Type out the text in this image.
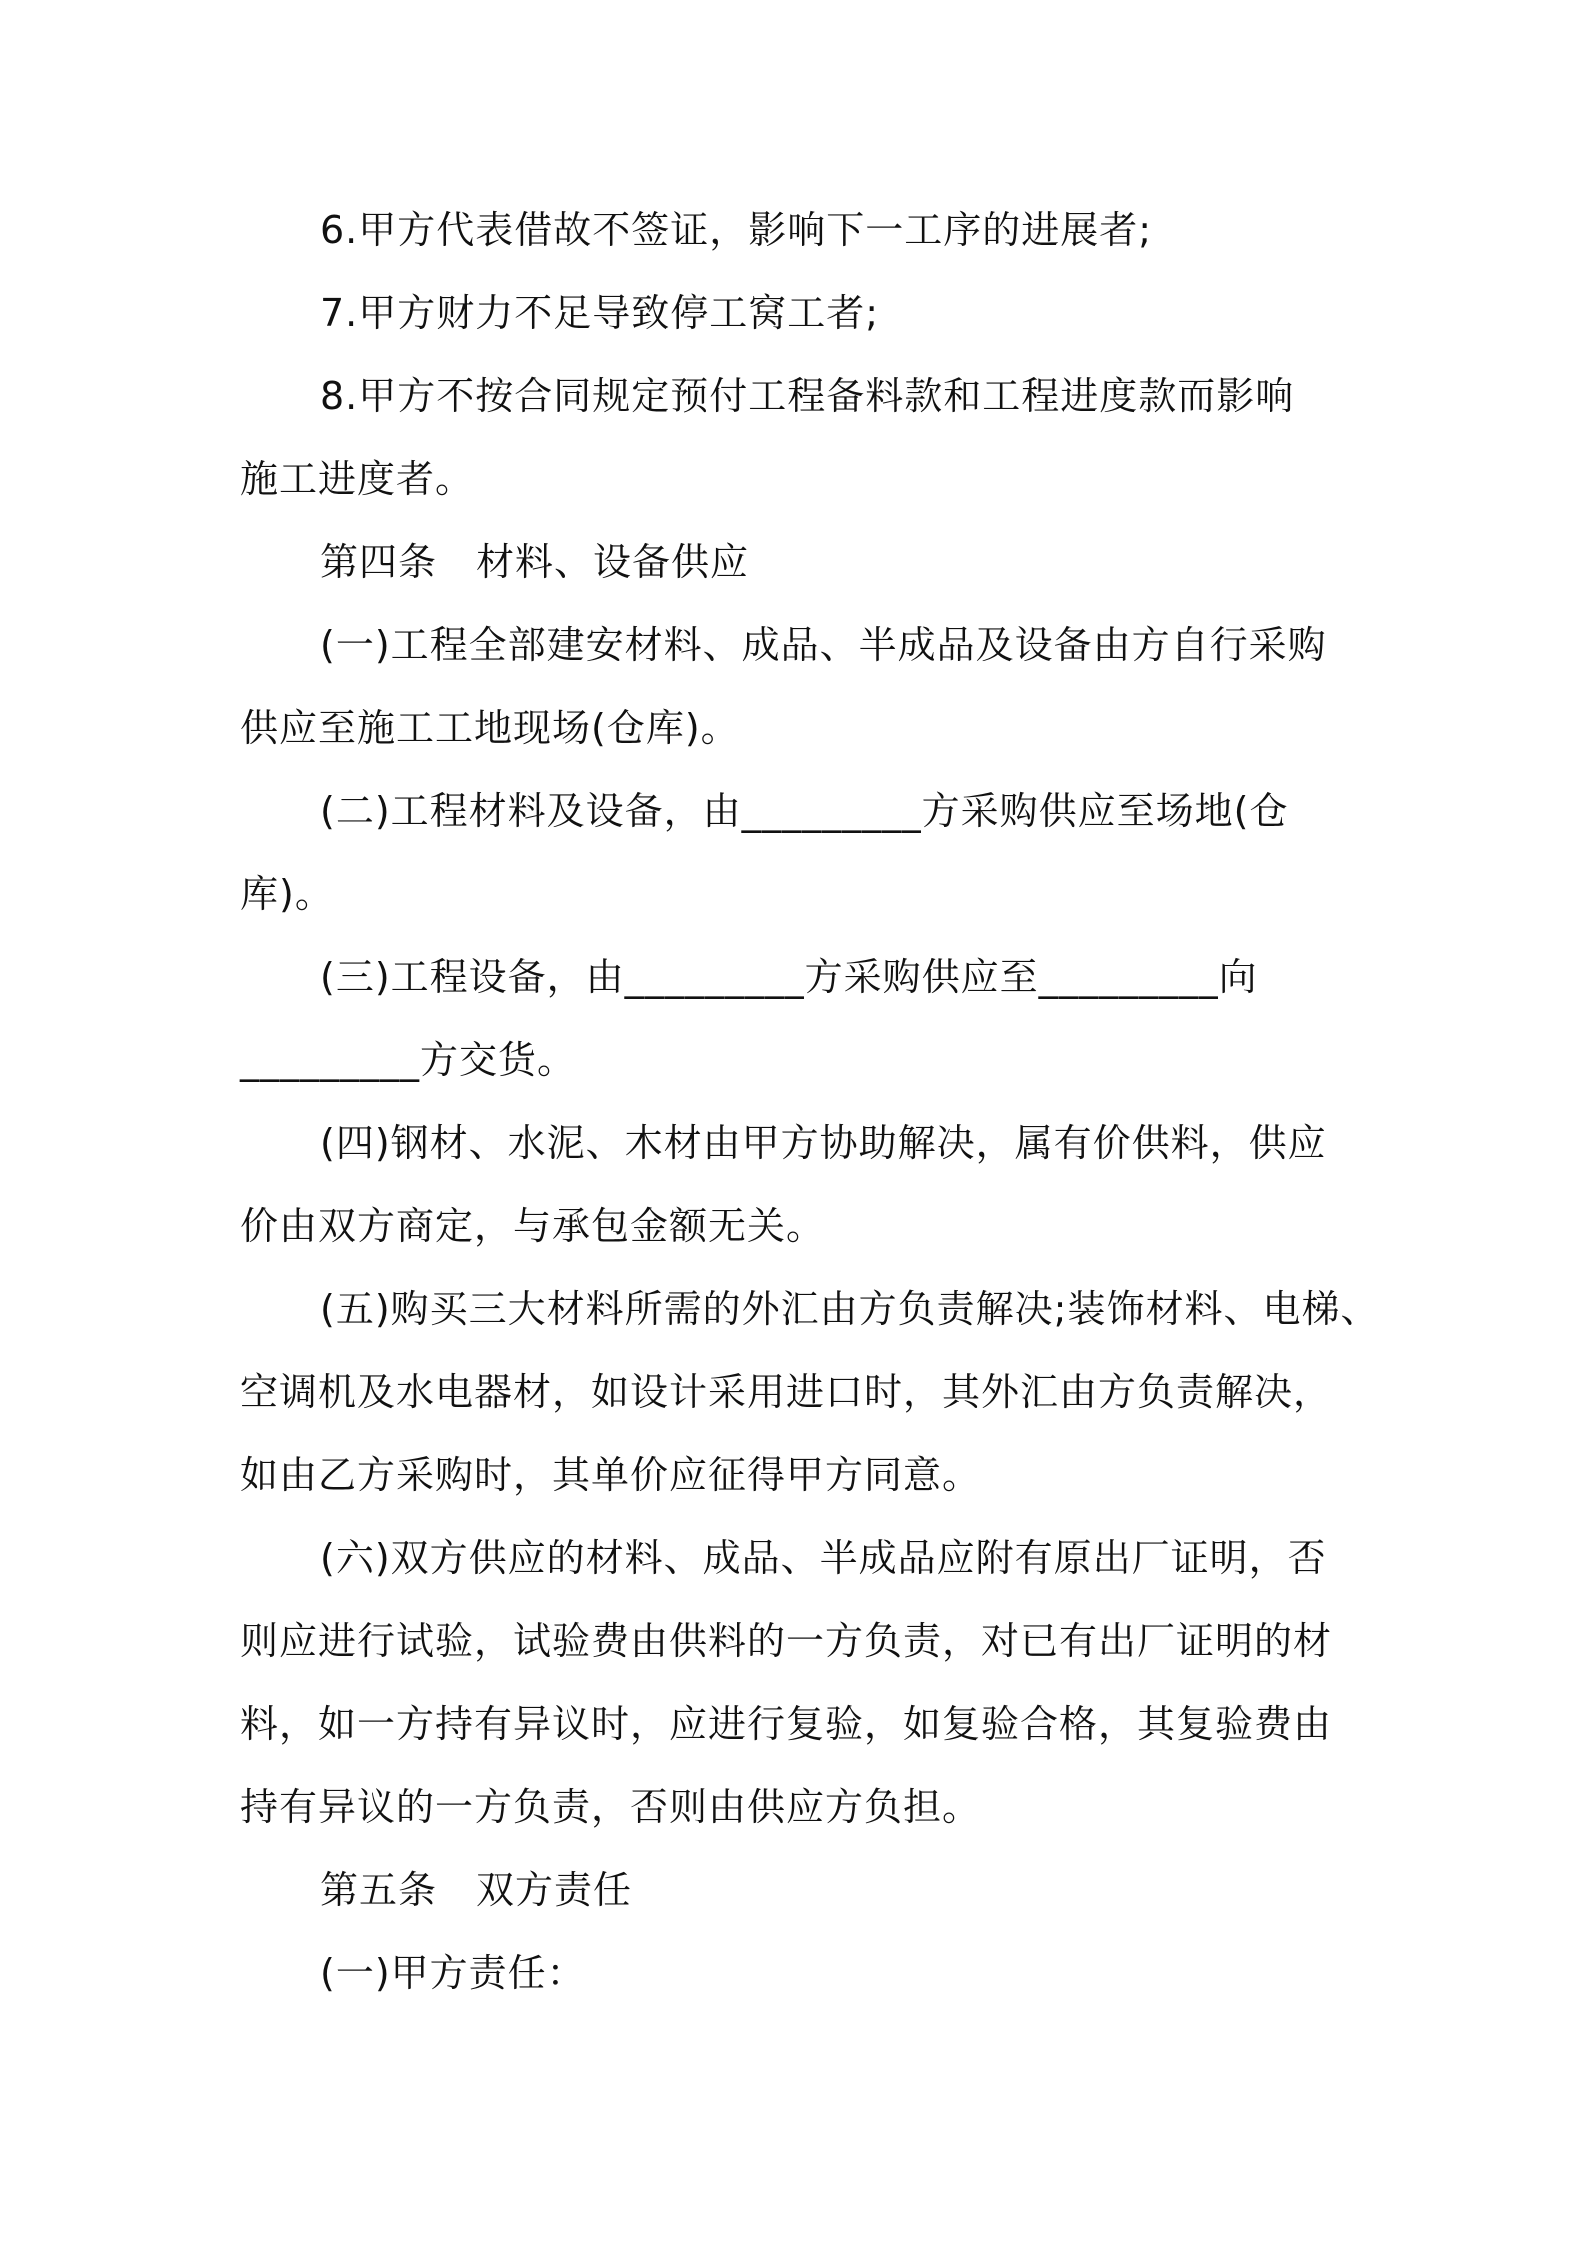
6.甲方代表借故不签证，影响下一工序的进展者;
7.甲方财力不足导致停工窝工者;
8.甲方不按合同规定预付工程备料款和工程进度款而影响
施工进度者。
第四条　材料、设备供应
(一)工程全部建安材料、成品、半成品及设备由方自行采购
供应至施工工地现场(仓库)。
(二)工程材料及设备，由_________方采购供应至场地(仓
库)。
(三)工程设备，由_________方采购供应至_________向
_________方交货。
(四)钢材、水泥、木材由甲方协助解决，属有价供料，供应
价由双方商定，与承包金额无关。
(五)购买三大材料所需的外汇由方负责解决;装饰材料、电梯、
空调机及水电器材，如设计采用进口时，其外汇由方负责解决，
如由乙方采购时，其单价应征得甲方同意。
(六)双方供应的材料、成品、半成品应附有原出厂证明，否
则应进行试验，试验费由供料的一方负责，对已有出厂证明的材
料，如一方持有异议时，应进行复验，如复验合格，其复验费由
持有异议的一方负责，否则由供应方负担。
第五条　双方责任
(一)甲方责任：
